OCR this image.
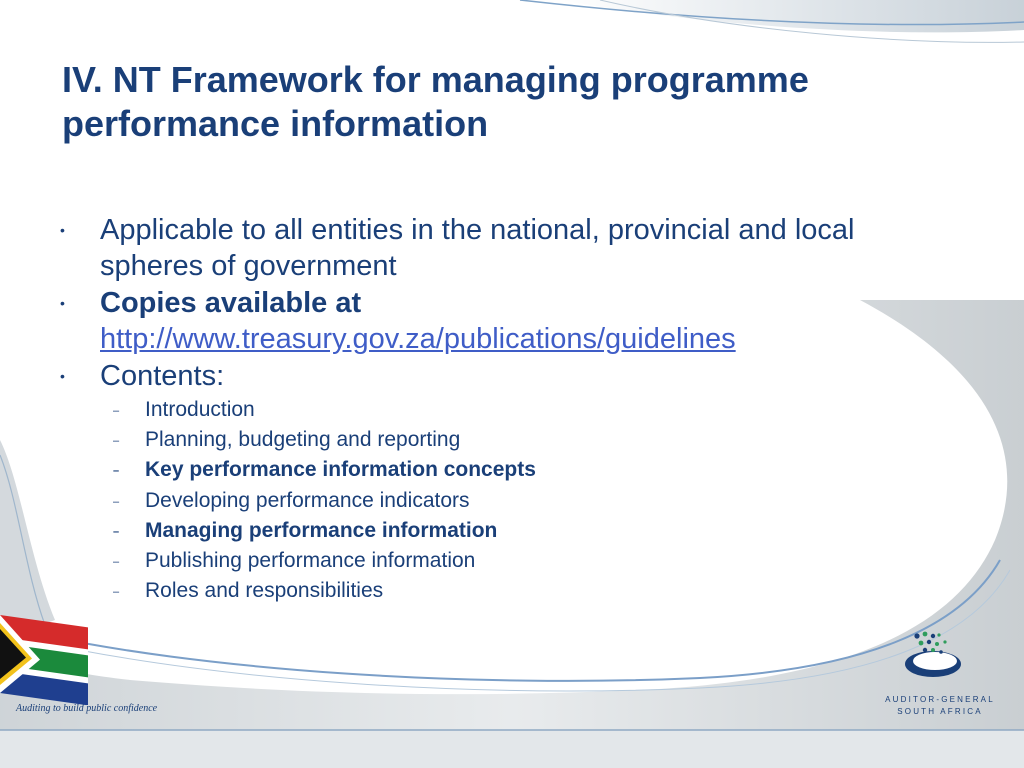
IV. NT Framework for managing programme performance information
• Applicable to all entities in the national, provincial and local spheres of government
• Copies available at
http://www.treasury.gov.za/publications/guidelines
• Contents:
– Introduction
– Planning, budgeting and reporting
– Key performance information concepts
– Developing performance indicators
– Managing performance information
– Publishing performance information
– Roles and responsibilities
Auditing to build public confidence
AUDITOR-GENERAL
SOUTH AFRICA
